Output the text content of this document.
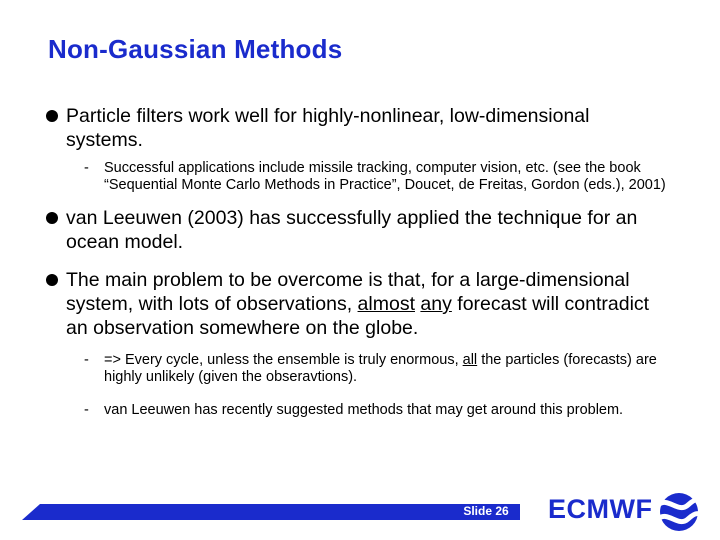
Non-Gaussian Methods
Particle filters work well for highly-nonlinear, low-dimensional systems.
- Successful applications include missile tracking, computer vision, etc. (see the book “Sequential Monte Carlo Methods in Practice”, Doucet, de Freitas, Gordon (eds.), 2001)
van Leeuwen (2003) has successfully applied the technique for an ocean model.
The main problem to be overcome is that, for a large-dimensional system, with lots of observations, almost any forecast will contradict an observation somewhere on the globe.
- => Every cycle, unless the ensemble is truly enormous, all the particles (forecasts) are highly unlikely (given the obseravtions).
- van Leeuwen has recently suggested methods that may get around this problem.
Slide 26 ECMWF
